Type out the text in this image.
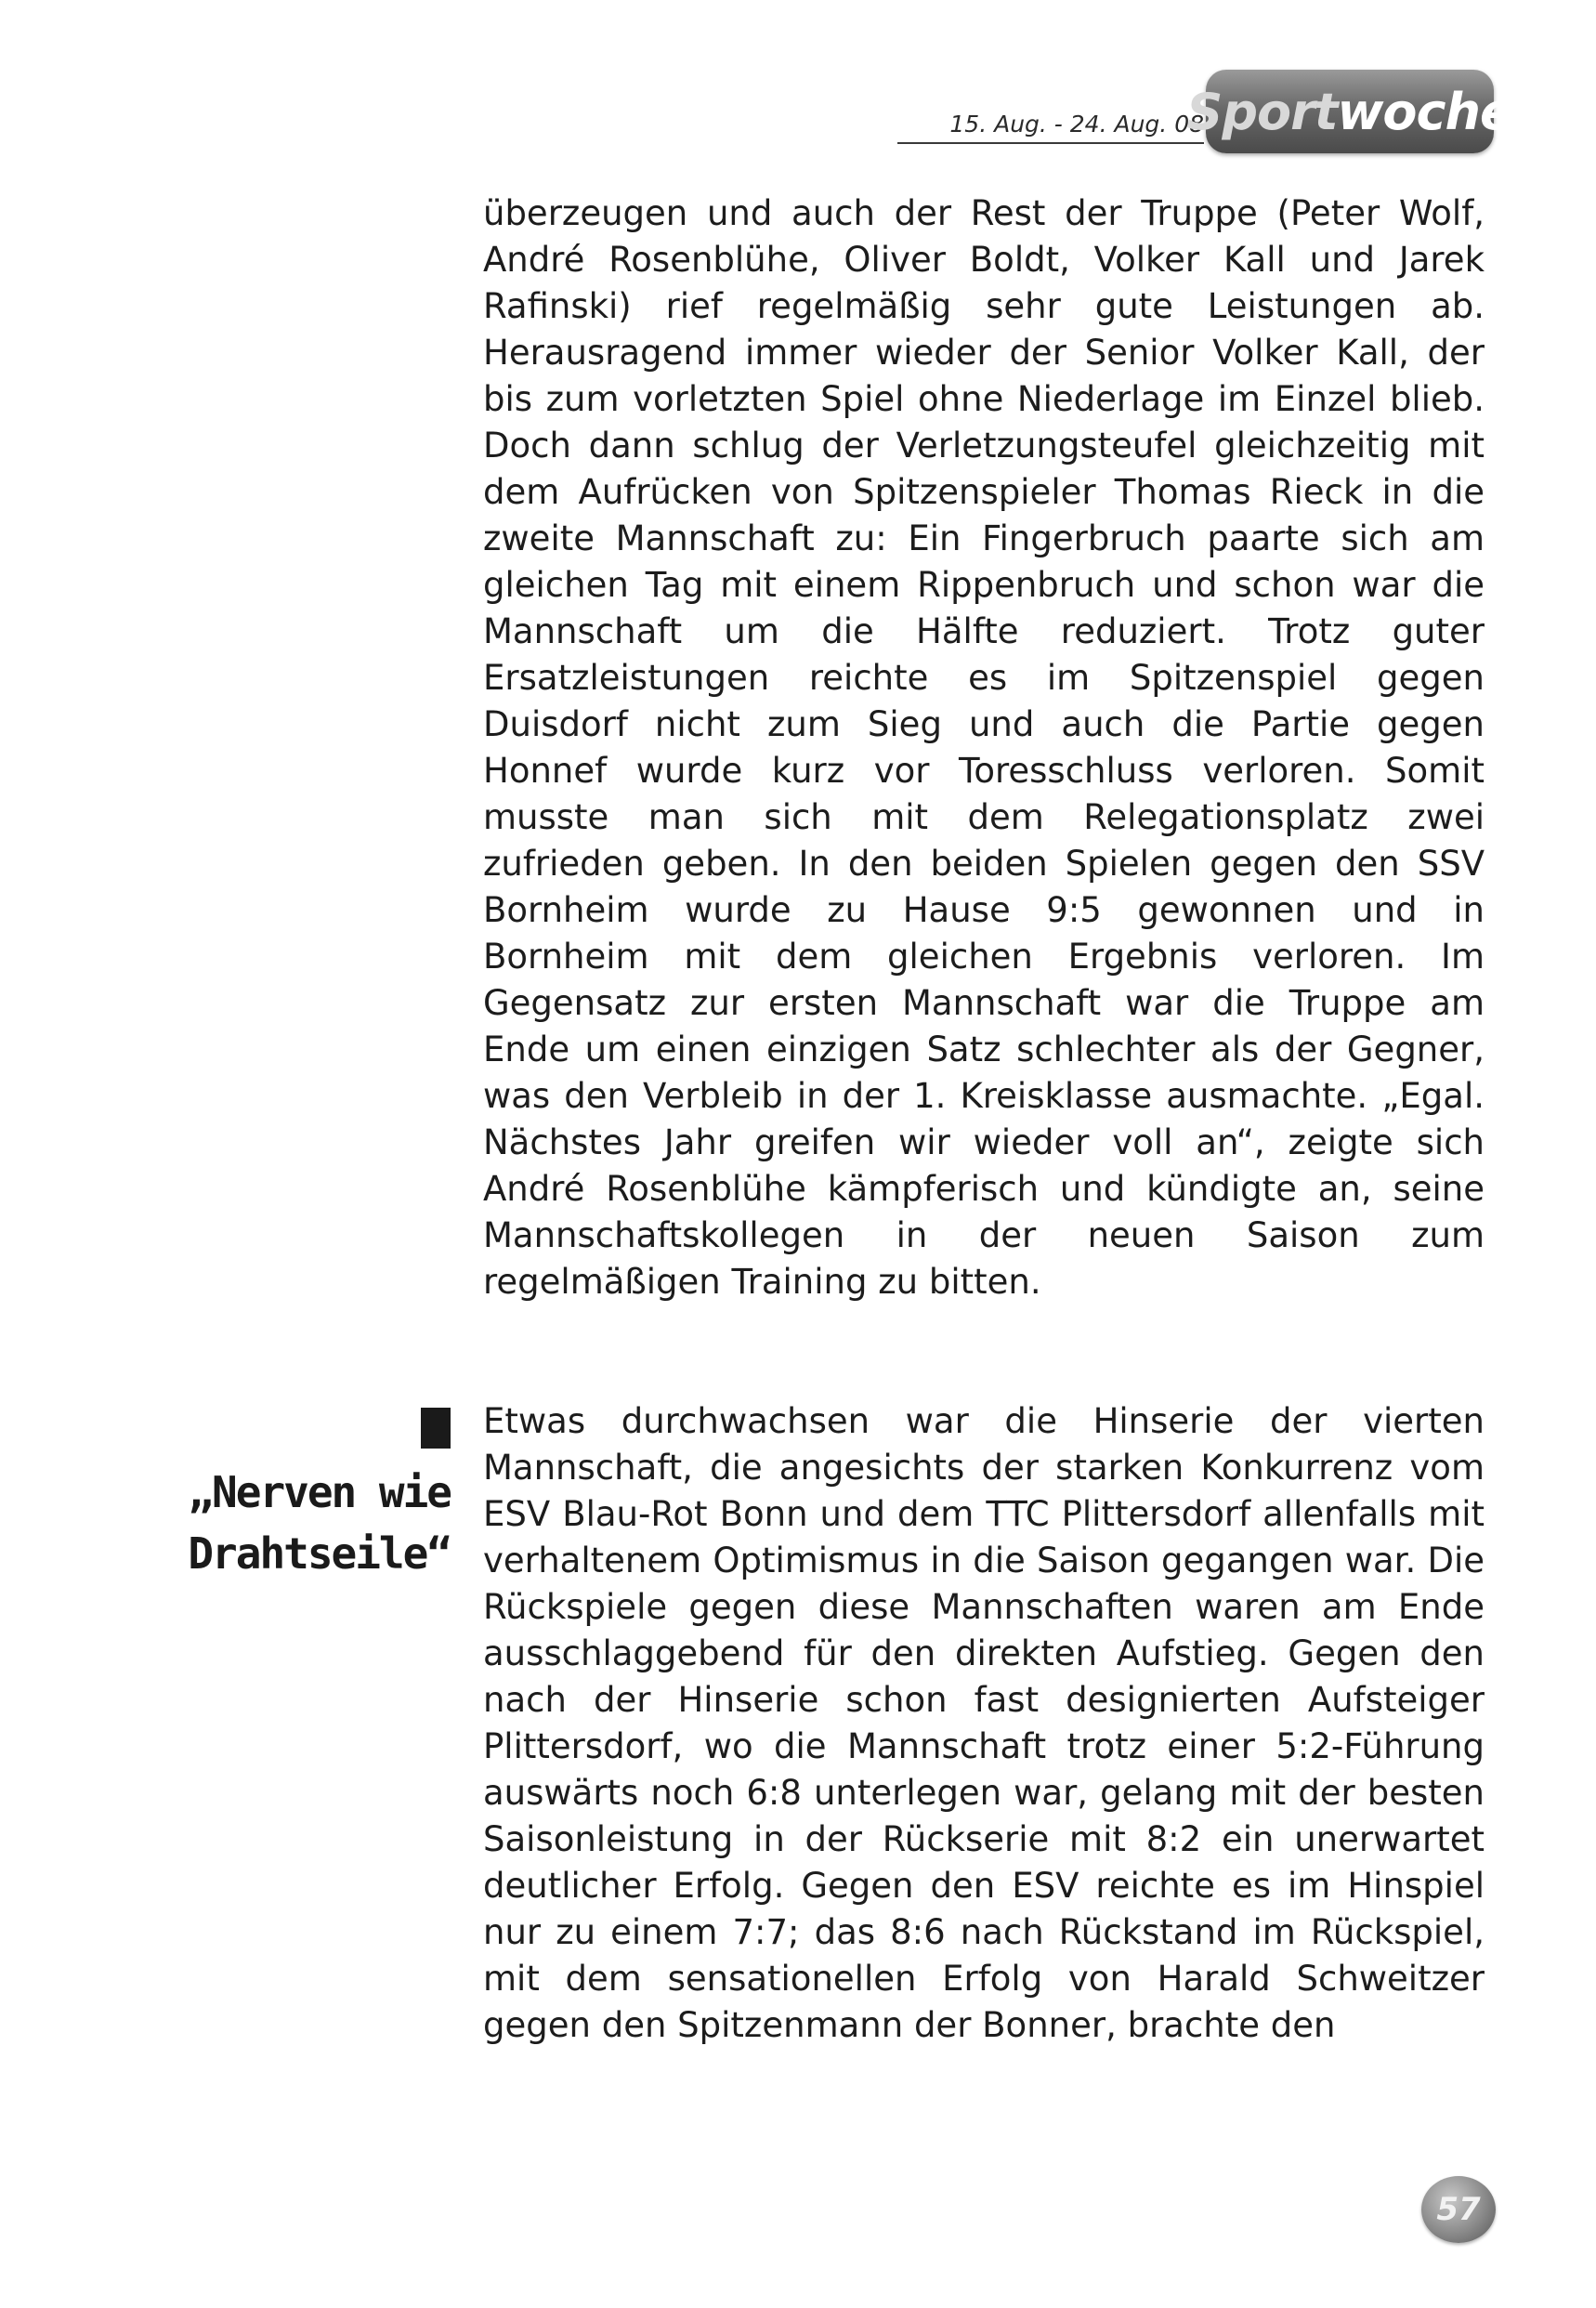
15. Aug. - 24. Aug. 08
Sportwoche

überzeugen und auch der Rest der Truppe (Peter Wolf, André Rosenblühe, Oliver Boldt, Volker Kall und Jarek Rafinski) rief regelmäßig sehr gute Leistungen ab. Herausragend immer wieder der Senior Volker Kall, der bis zum vorletzten Spiel ohne Niederlage im Einzel blieb. Doch dann schlug der Verletzungsteufel gleichzeitig mit dem Aufrücken von Spitzenspieler Thomas Rieck in die zweite Mannschaft zu: Ein Fingerbruch paarte sich am gleichen Tag mit einem Rippenbruch und schon war die Mannschaft um die Hälfte reduziert. Trotz guter Ersatzleistungen reichte es im Spitzenspiel gegen Duisdorf nicht zum Sieg und auch die Partie gegen Honnef wurde kurz vor Toresschluss verloren. Somit musste man sich mit dem Relegationsplatz zwei zufrieden geben. In den beiden Spielen gegen den SSV Bornheim wurde zu Hause 9:5 gewonnen und in Bornheim mit dem gleichen Ergebnis verloren. Im Gegensatz zur ersten Mannschaft war die Truppe am Ende um einen einzigen Satz schlechter als der Gegner, was den Verbleib in der 1. Kreisklasse ausmachte. „Egal. Nächstes Jahr greifen wir wieder voll an“, zeigte sich André Rosenblühe kämpferisch und kündigte an, seine Mannschaftskollegen in der neuen Saison zum regelmäßigen Training zu bitten.

„Nerven wie
Drahtseile“

Etwas durchwachsen war die Hinserie der vierten Mannschaft, die angesichts der starken Konkurrenz vom ESV Blau-Rot Bonn und dem TTC Plittersdorf allenfalls mit verhaltenem Optimismus in die Saison gegangen war. Die Rückspiele gegen diese Mannschaften waren am Ende ausschlaggebend für den direkten Aufstieg. Gegen den nach der Hinserie schon fast designierten Aufsteiger Plittersdorf, wo die Mannschaft trotz einer 5:2-Führung auswärts noch 6:8 unterlegen war, gelang mit der besten Saisonleistung in der Rückserie mit 8:2 ein unerwartet deutlicher Erfolg. Gegen den ESV reichte es im Hinspiel nur zu einem 7:7; das 8:6 nach Rückstand im Rückspiel, mit dem sensationellen Erfolg von Harald Schweitzer gegen den Spitzenmann der Bonner, brachte den

57
